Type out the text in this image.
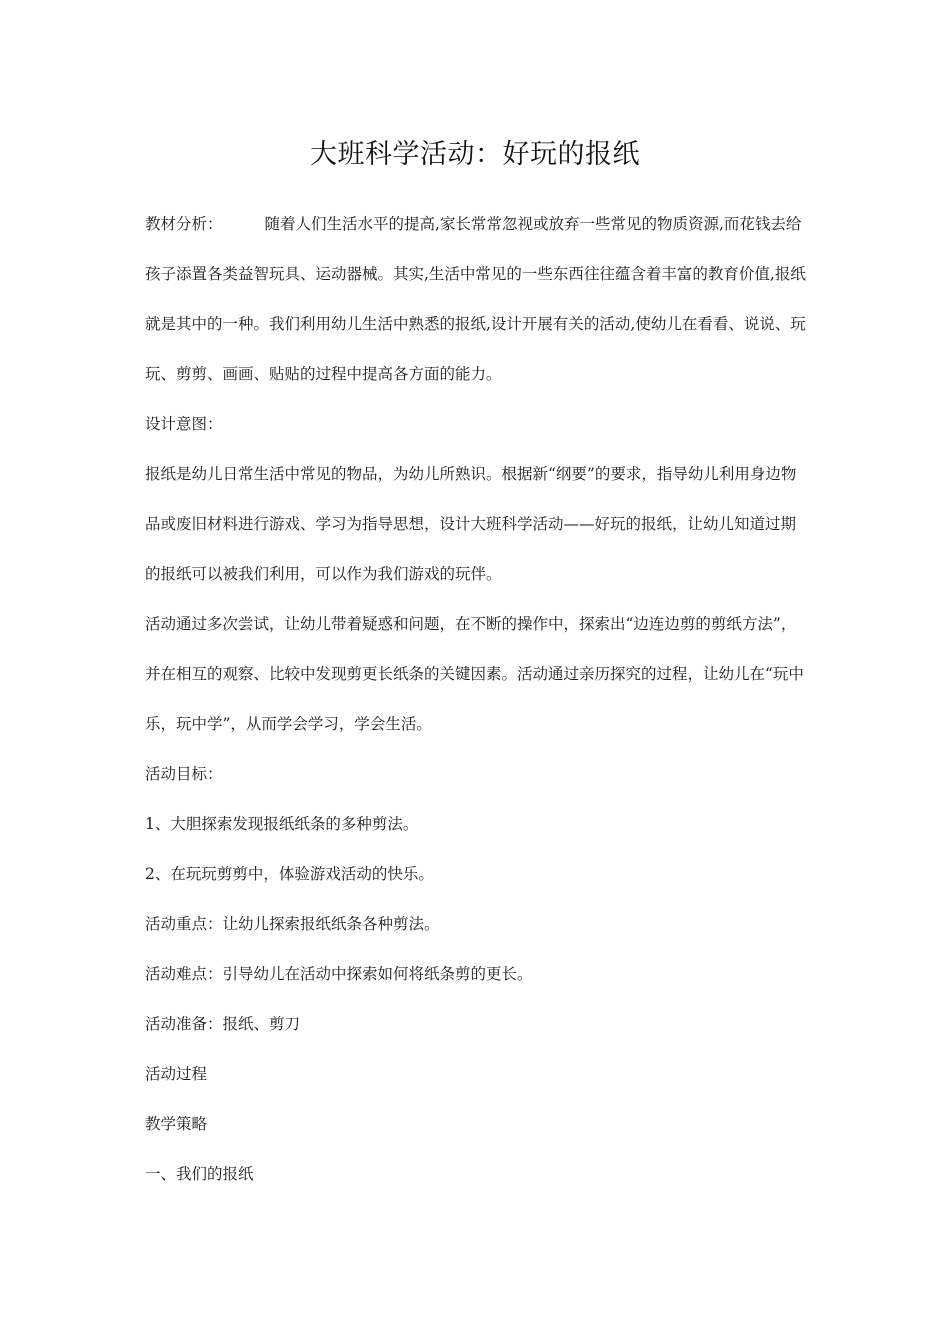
大班科学活动：好玩的报纸

教材分析：	随着人们生活水平的提高,家长常常忽视或放弃一些常见的物质资源,而花钱去给孩子添置各类益智玩具、运动器械。其实,生活中常见的一些东西往往蕴含着丰富的教育价值,报纸就是其中的一种。我们利用幼儿生活中熟悉的报纸,设计开展有关的活动,使幼儿在看看、说说、玩玩、剪剪、画画、贴贴的过程中提高各方面的能力。

设计意图：

报纸是幼儿日常生活中常见的物品，为幼儿所熟识。根据新“纲要”的要求，指导幼儿利用身边物品或废旧材料进行游戏、学习为指导思想，设计大班科学活动——好玩的报纸，让幼儿知道过期的报纸可以被我们利用，可以作为我们游戏的玩伴。

活动通过多次尝试，让幼儿带着疑惑和问题，在不断的操作中，探索出“边连边剪的剪纸方法”，并在相互的观察、比较中发现剪更长纸条的关键因素。活动通过亲历探究的过程，让幼儿在“玩中乐，玩中学”，从而学会学习，学会生活。

活动目标：

1、大胆探索发现报纸纸条的多种剪法。

2、在玩玩剪剪中，体验游戏活动的快乐。

活动重点：让幼儿探索报纸纸条各种剪法。

活动难点：引导幼儿在活动中探索如何将纸条剪的更长。

活动准备：报纸、剪刀

活动过程

教学策略

一、我们的报纸
